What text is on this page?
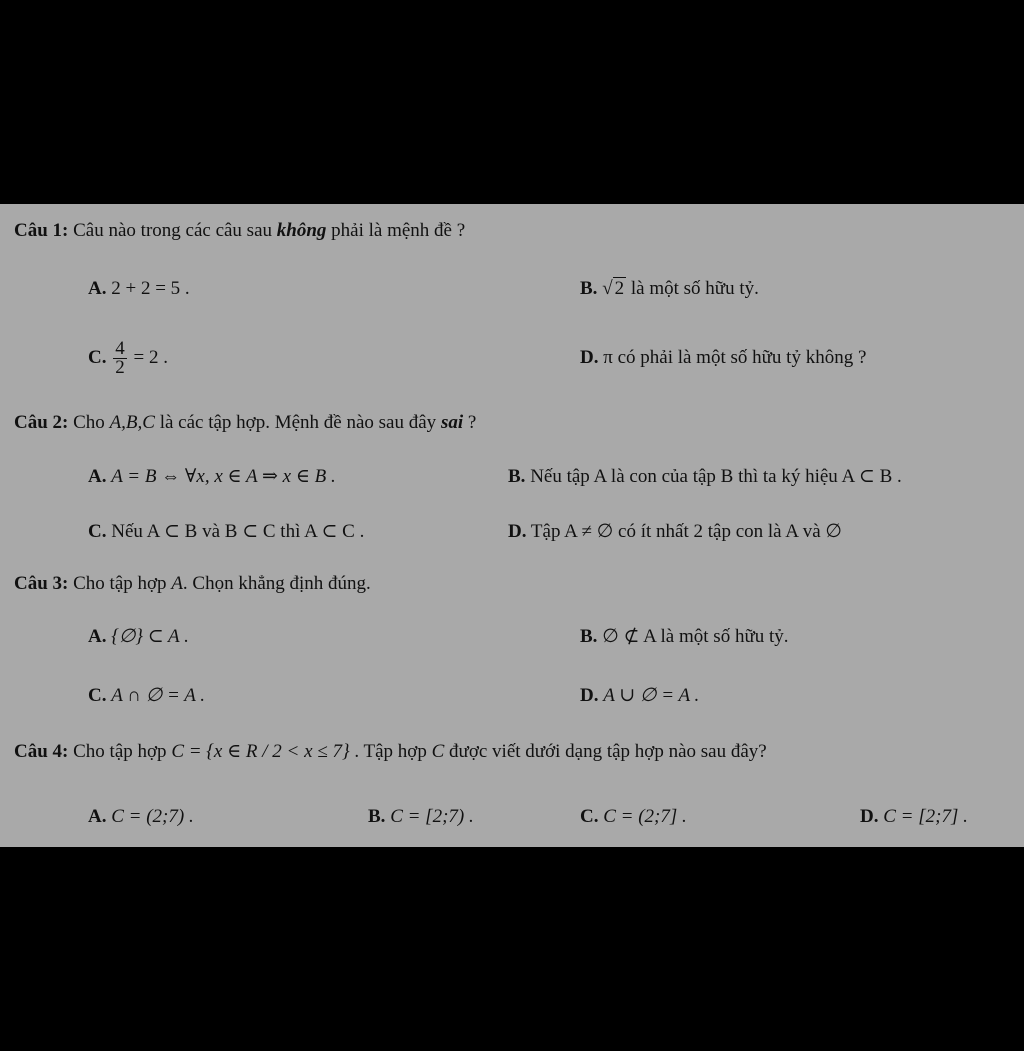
Câu 1: Câu nào trong các câu sau không phải là mệnh đề ?
A. 2 + 2 = 5 .	B. √ 2 là một số hữu tỷ.
C. $\frac{4}{2} = 2$ .	D. π có phải là một số hữu tỷ không ?
Câu 2: Cho A,B,C là các tập hợp. Mệnh đề nào sau đây sai ?
A. A = B ⇔ ∀x, x ∈ A ⇒ x ∈ B .	B. Nếu tập A là con của tập B thì ta ký hiệu A ⊂ B .
C. Nếu A ⊂ B và B ⊂ C thì A ⊂ C .	D. Tập A ≠ ∅ có ít nhất 2 tập con là A và ∅
Câu 3: Cho tập hợp A. Chọn khẳng định đúng.
A. {∅} ⊂ A .	B. ∅ ⊄ A là một số hữu tỷ.
C. A ∩ ∅ = A .	D. A ∪ ∅ = A .
Câu 4: Cho tập hợp C = {x ∈ R / 2 < x ≤ 7} . Tập hợp C được viết dưới dạng tập hợp nào sau đây?
A. C = (2;7) .	B. C = [2;7) .	C. C = (2;7] .	D. C = [2;7] .
